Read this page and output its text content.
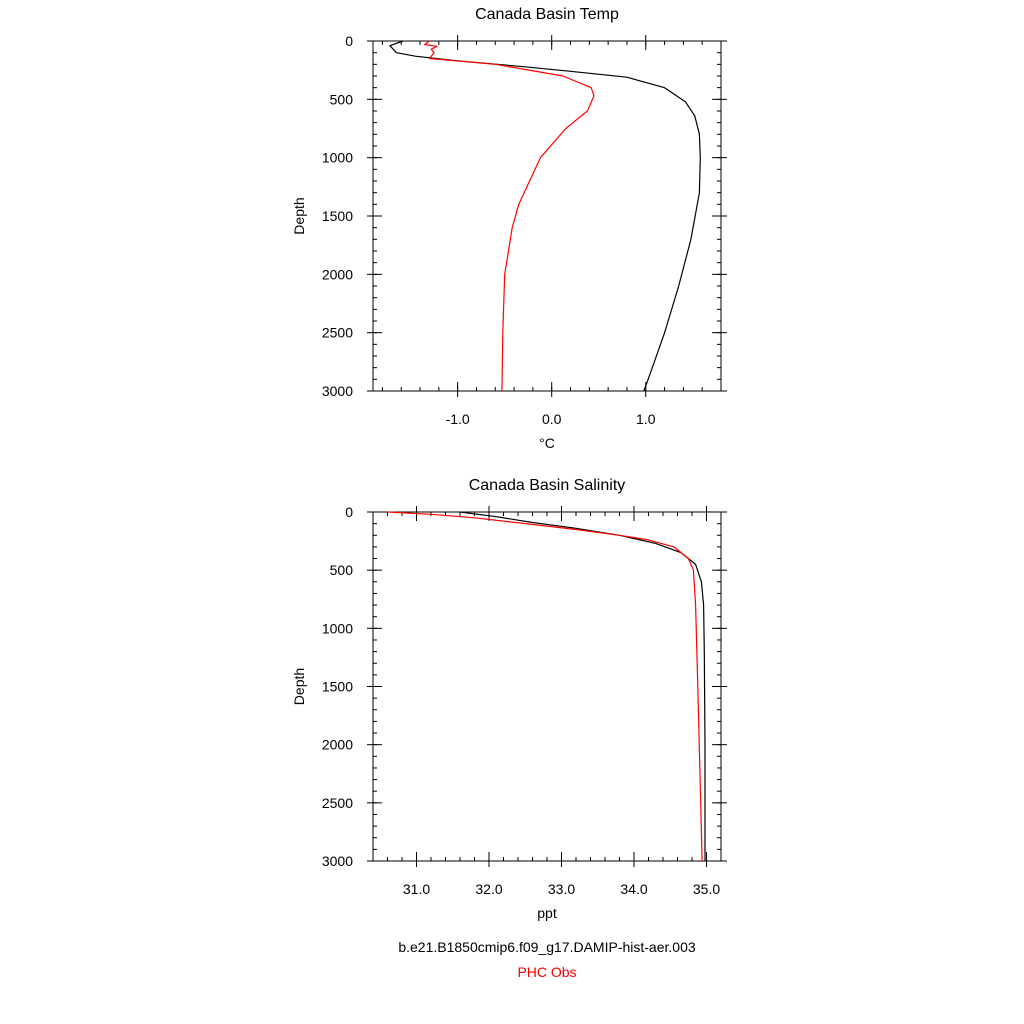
Canada Basin Temp
0
500
1000
1500
2000
2500
3000
-1.0	0.0	1.0
°C
Depth
Canada Basin Salinity
0
500
1000
1500
2000
2500
3000
31.0	32.0	33.0	34.0	35.0
ppt
Depth
b.e21.B1850cmip6.f09_g17.DAMIP-hist-aer.003
PHC Obs
